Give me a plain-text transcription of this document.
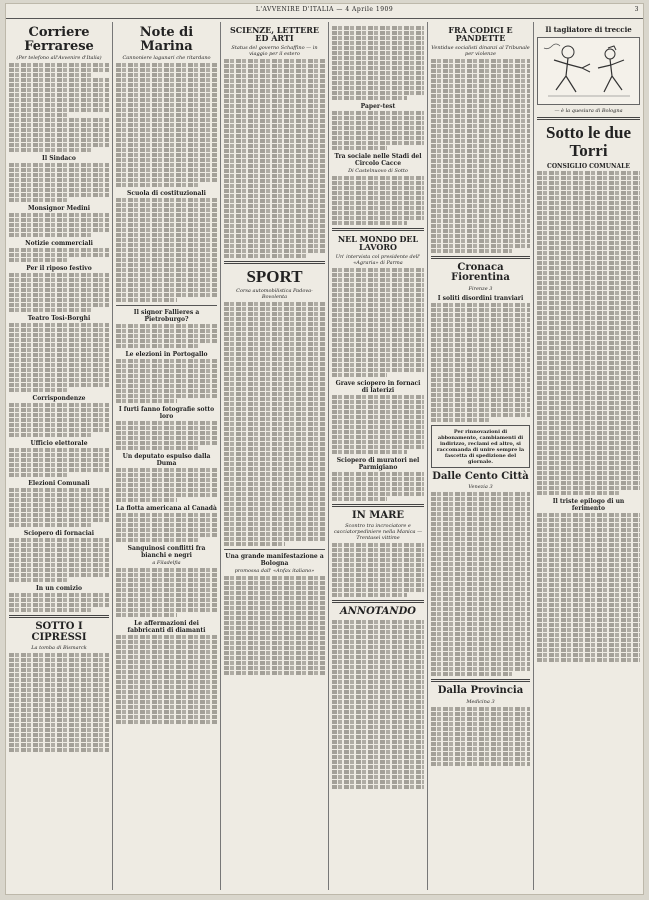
L'AVVENIRE D'ITALIA — 4 Aprile 1909	3
Corriere Ferrarese
(Per telefono all'Avvenire d'Italia)
Il Sindaco
Monsignor Medini
Notizie commerciali
Per il riposo festivo
Teatro Tosi-Borghi
Corrispondenze
Ufficio elettorale
Elezioni Comunali
Sciopero di fornaciai
In un comizio
SOTTO I CIPRESSI
La tomba di Bismarck
Note di Marina
Cannoniere lagunari che ritardano
Scuola di costituzionali
Il signor Fallieres a Pietroburgo?
Le elezioni in Portogallo
I furti fanno fotografie sotto loro
Un deputato espulso dalla Duma
La flotta americana al Canadà
Sanguinosi conflitti fra bianchi e negri
a Filadelfia
Le affermazioni dei fabbricanti di diamanti
SCIENZE, LETTERE ED ARTI
Status del governo Schaffino — in viaggio per il estero
SPORT
Corsa automobilistica Padova-Bovolenta
Una grande manifestazione a Bologna
promossa dall' «Anfax italiano»
Paper-test
Tra sociale nelle Stadi del Circolo Cacce
Di Castelnuovo di Sotto
NEL MONDO DEL LAVORO
Un' intervista col presidente dell' «Agraria» di Parma
Grave sciopero in fornaci di laterizi
Sciopero di muratori nel Parmigiano
IN MARE
Scontro tra incrociatore e cacciatorpediniere nella Manica — Trentasei vittime
ANNOTANDO
FRA CODICI E PANDETTE
Ventidue socialisti dinanzi al Tribunale per violenze
Cronaca Fiorentina
Firenze 3
I soliti disordini tranviari
Per rinnovazioni di abbonamento, cambiamenti di indirizzo, reclami ed altro, si raccomanda di unire sempre la fascetta di spedizione del giornale.
Dalle Cento Città
Venezia 3
Dalla Provincia
Medicina 3
Il tagliatore di treccie
— è la quesiura di Bologna
Sotto le due Torri
CONSIGLIO COMUNALE
Il triste epilogo di un ferimento
